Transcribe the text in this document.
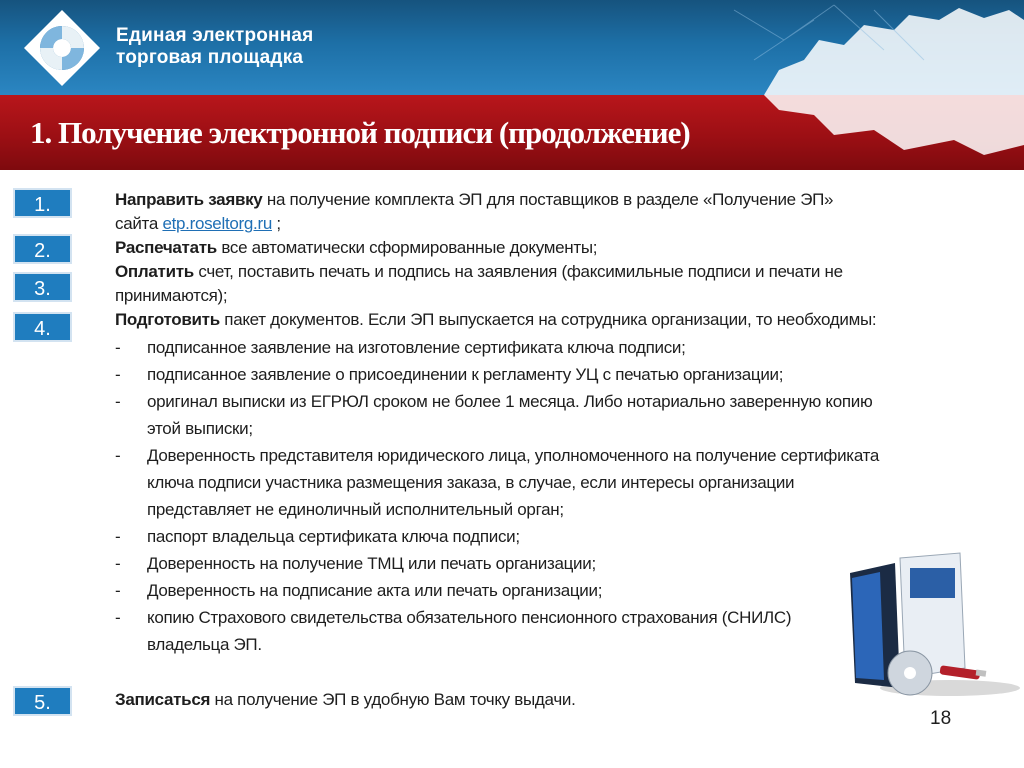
Единая электронная
торговая площадка
1. Получение электронной подписи (продолжение)
1.
2.
3.
4.
5.
Направить заявку на получение комплекта ЭП для поставщиков в разделе «Получение ЭП» сайта etp.roseltorg.ru ;
Распечатать все автоматически сформированные документы;
Оплатить счет, поставить печать и подпись на заявления (факсимильные подписи и печати не принимаются);
Подготовить пакет документов. Если ЭП выпускается на сотрудника организации, то необходимы:
- подписанное заявление на изготовление сертификата ключа подписи;
- подписанное заявление о присоединении к регламенту УЦ с печатью организации;
- оригинал выписки из ЕГРЮЛ сроком не более 1 месяца. Либо нотариально заверенную копию этой выписки;
- Доверенность представителя юридического лица, уполномоченного на получение сертификата ключа подписи участника размещения заказа, в случае, если интересы организации представляет не единоличный исполнительный орган;
- паспорт владельца сертификата ключа подписи;
- Доверенность на получение ТМЦ или печать организации;
- Доверенность на подписание акта или печать организации;
- копию Страхового свидетельства обязательного пенсионного страхования (СНИЛС) владельца ЭП.
Записаться на получение ЭП в удобную Вам точку выдачи.
18
